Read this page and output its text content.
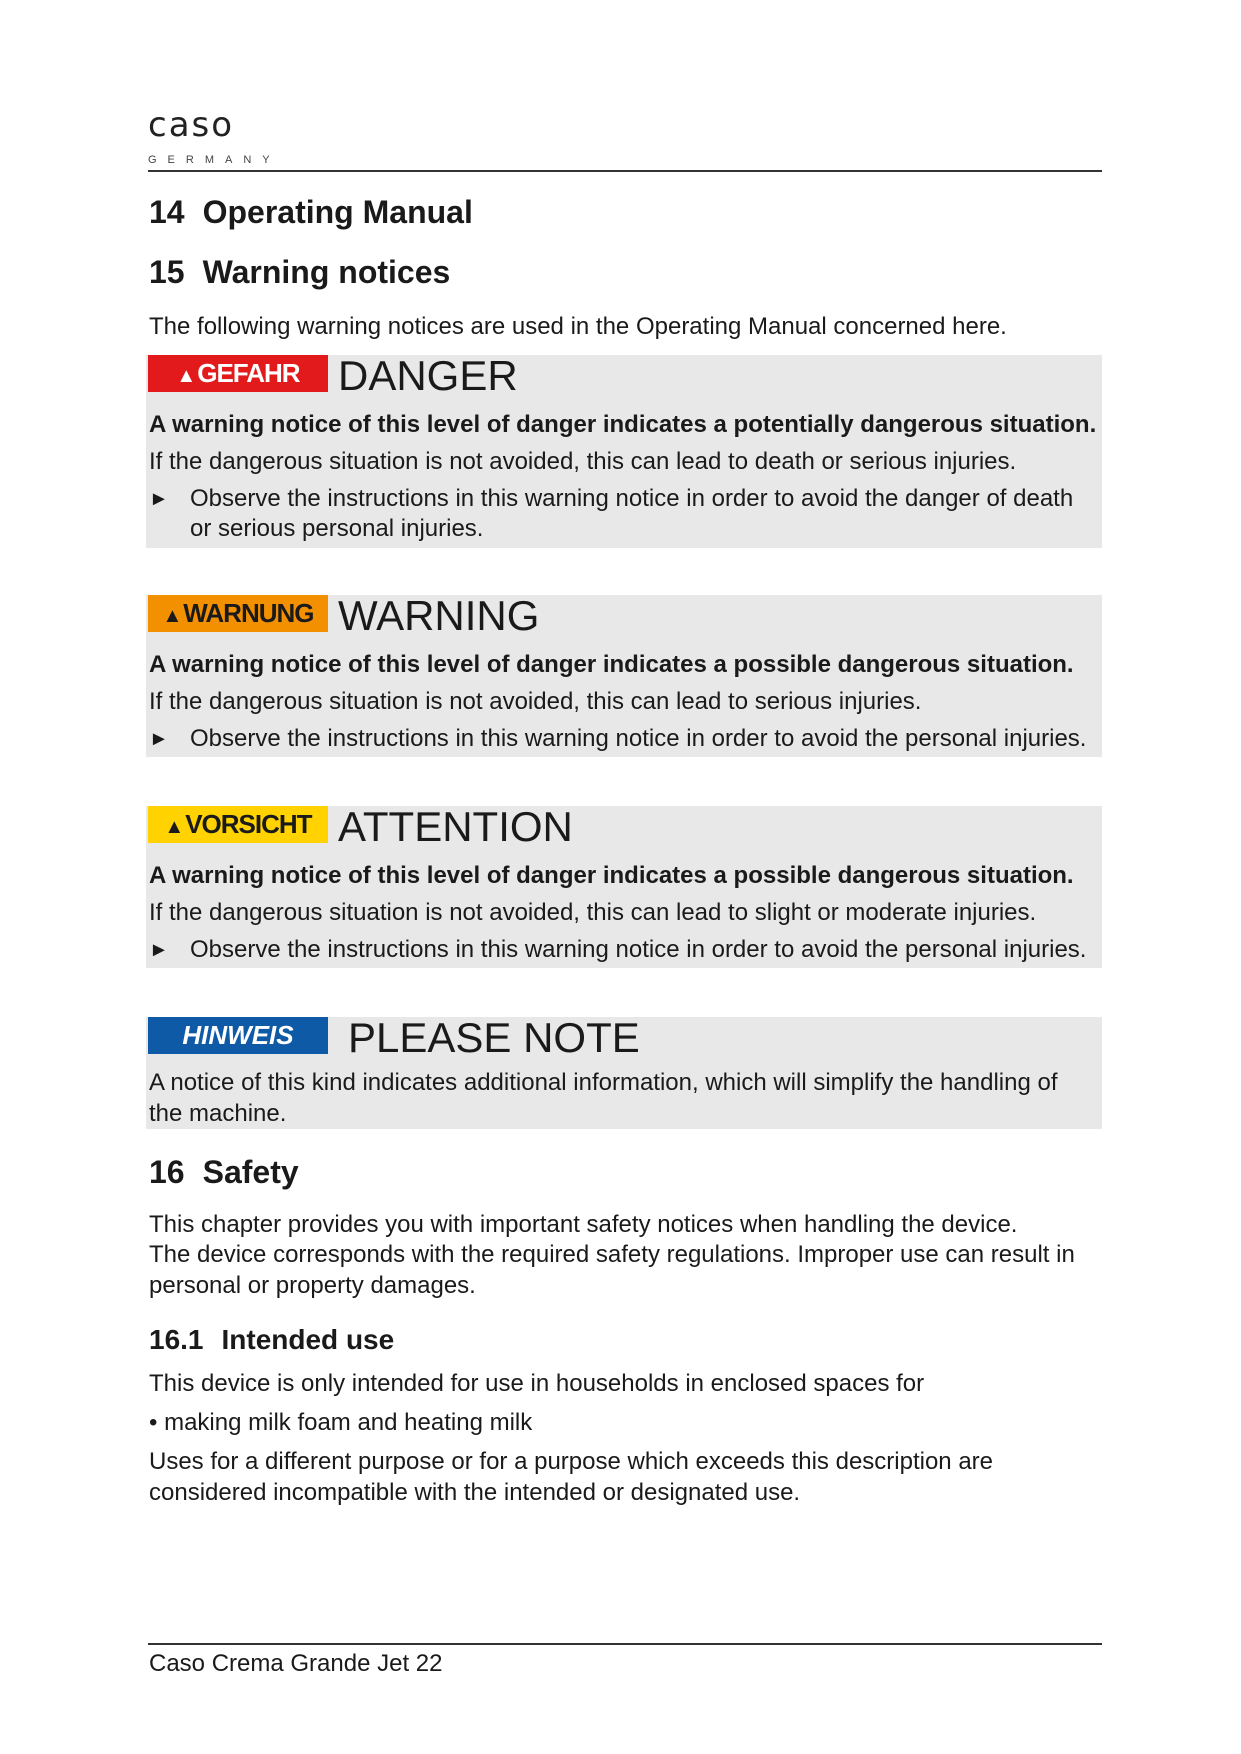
caso
GERMANY
14 Operating Manual
15 Warning notices
The following warning notices are used in the Operating Manual concerned here.
▲GEFAHR DANGER
A warning notice of this level of danger indicates a potentially dangerous situation.
If the dangerous situation is not avoided, this can lead to death or serious injuries.
► Observe the instructions in this warning notice in order to avoid the danger of death or serious personal injuries.
▲WARNUNG WARNING
A warning notice of this level of danger indicates a possible dangerous situation.
If the dangerous situation is not avoided, this can lead to serious injuries.
► Observe the instructions in this warning notice in order to avoid the personal injuries.
▲VORSICHT ATTENTION
A warning notice of this level of danger indicates a possible dangerous situation.
If the dangerous situation is not avoided, this can lead to slight or moderate injuries.
► Observe the instructions in this warning notice in order to avoid the personal injuries.
HINWEIS	PLEASE NOTE
A notice of this kind indicates additional information, which will simplify the handling of the machine.
16 Safety
This chapter provides you with important safety notices when handling the device.
The device corresponds with the required safety regulations. Improper use can result in personal or property damages.
16.1 Intended use
This device is only intended for use in households in enclosed spaces for
• making milk foam and heating milk
Uses for a different purpose or for a purpose which exceeds this description are considered incompatible with the intended or designated use.
Caso Crema Grande Jet 22
